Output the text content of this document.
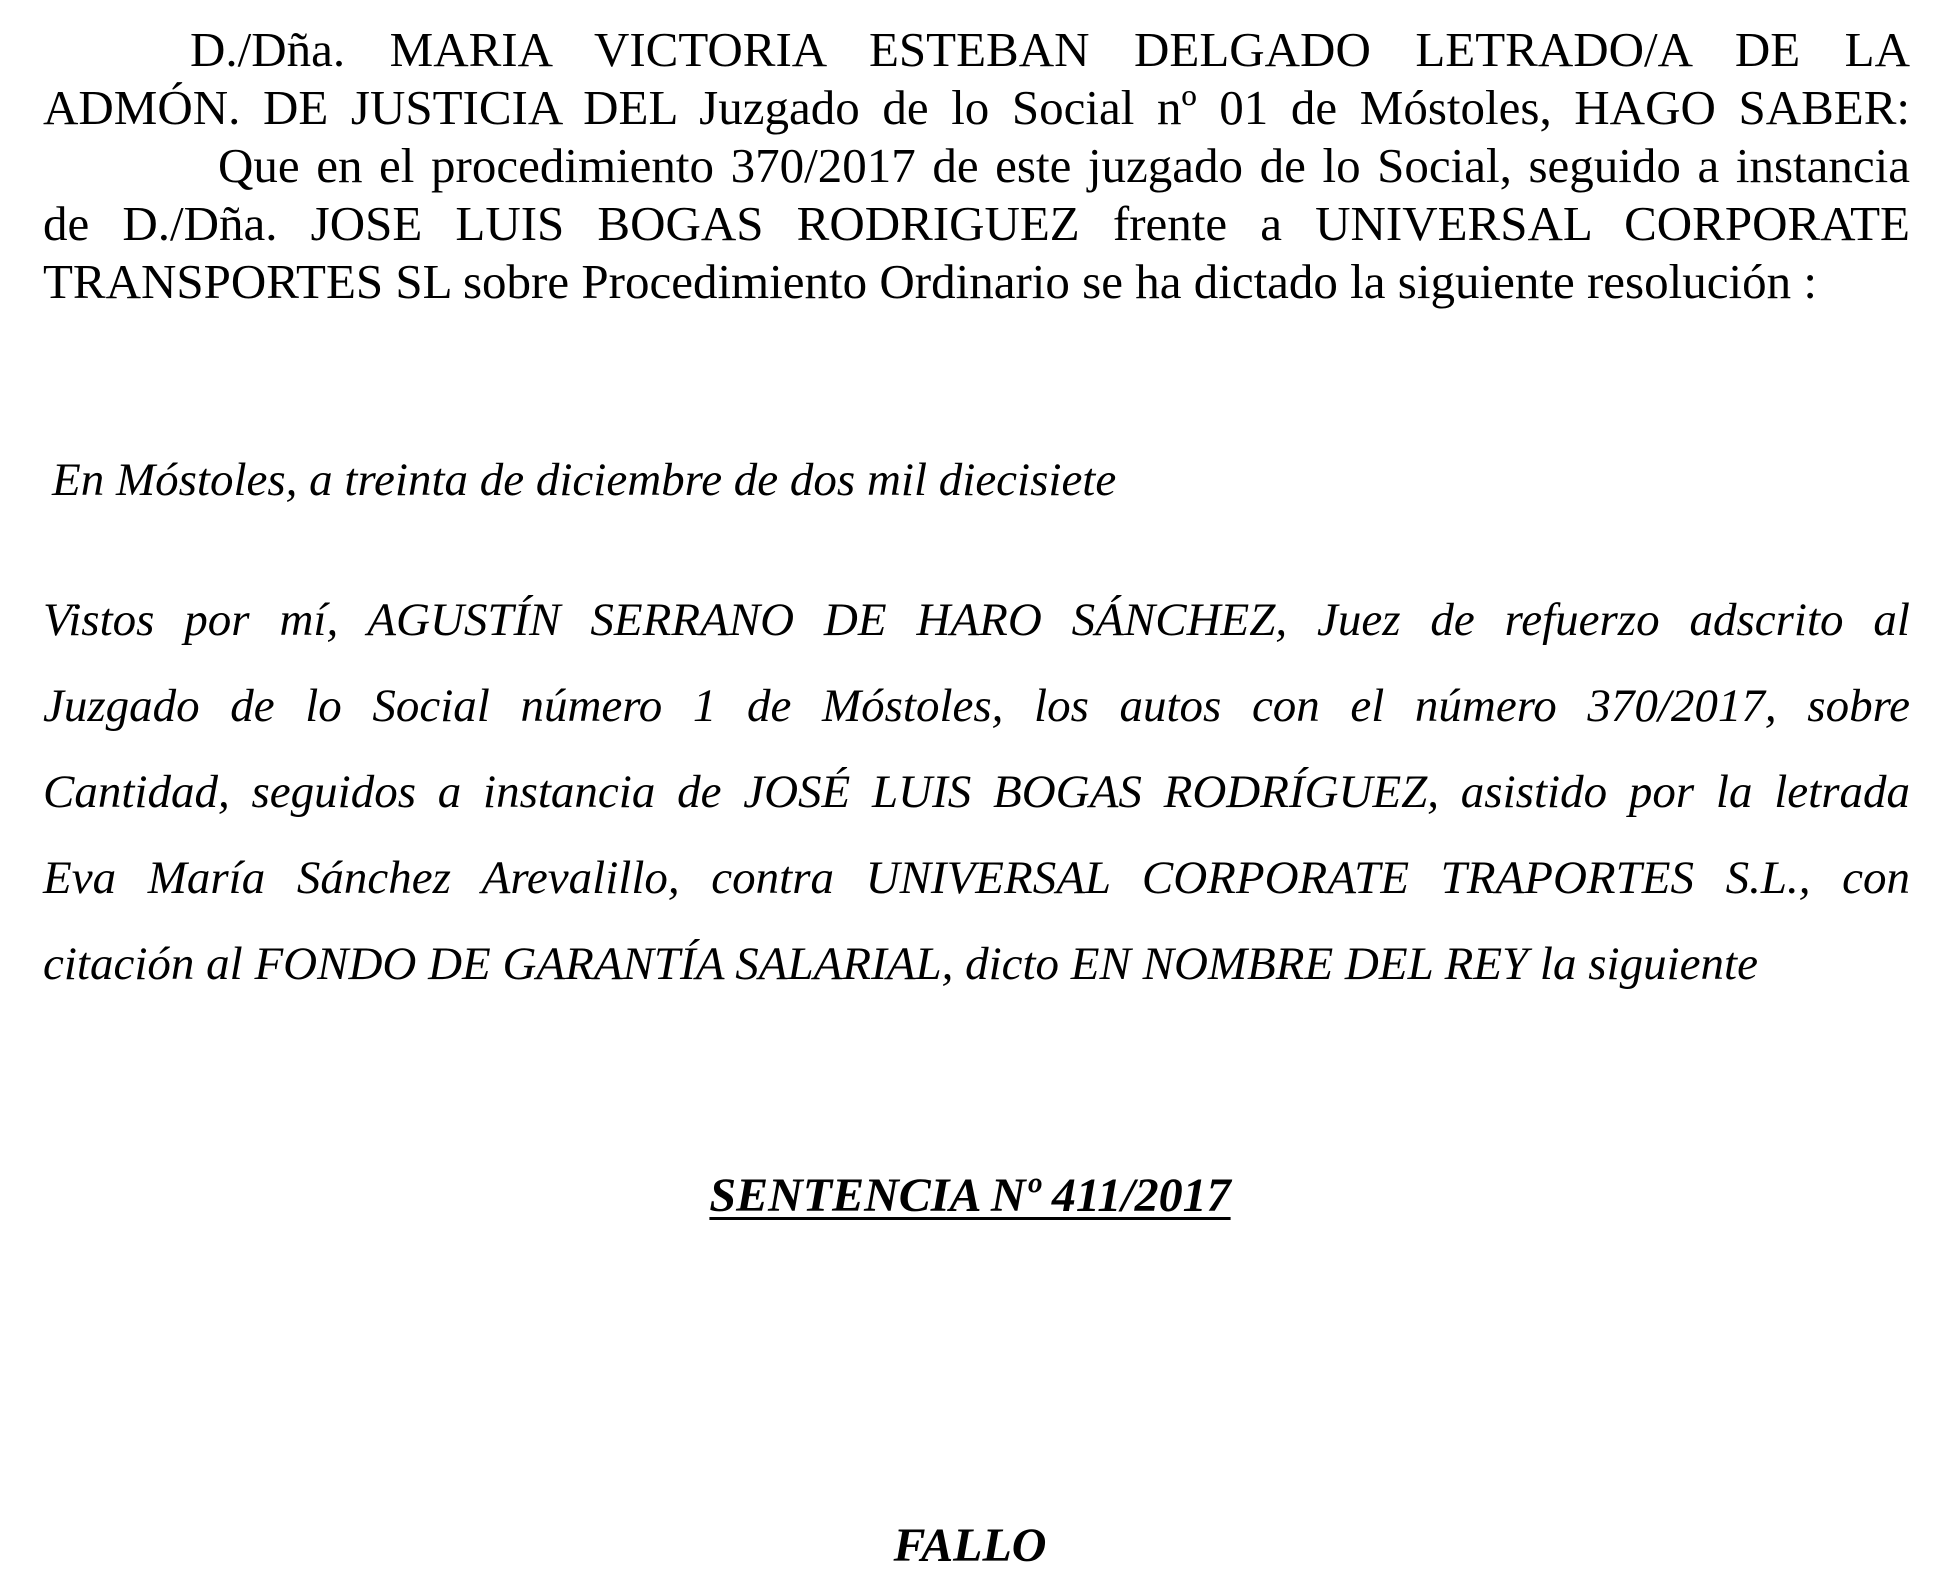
D./Dña. MARIA VICTORIA ESTEBAN DELGADO LETRADO/A DE LA

ADMÓN. DE JUSTICIA DEL Juzgado de lo Social nº 01 de Móstoles, HAGO SABER:

Que en el procedimiento 370/2017 de este juzgado de lo Social, seguido a instancia

de D./Dña. JOSE LUIS BOGAS RODRIGUEZ frente a UNIVERSAL CORPORATE

TRANSPORTES SL sobre Procedimiento Ordinario se ha dictado la siguiente resolución :

En Móstoles, a treinta de diciembre de dos mil diecisiete

Vistos por mí, AGUSTÍN SERRANO DE HARO SÁNCHEZ, Juez de refuerzo adscrito al

Juzgado de lo Social número 1 de Móstoles, los autos con el número 370/2017, sobre

Cantidad, seguidos a instancia de JOSÉ LUIS BOGAS RODRÍGUEZ, asistido por la letrada

Eva María Sánchez Arevalillo, contra UNIVERSAL CORPORATE TRAPORTES S.L., con

citación al FONDO DE GARANTÍA SALARIAL, dicto EN NOMBRE DEL REY la siguiente

SENTENCIA Nº 411/2017

FALLO
